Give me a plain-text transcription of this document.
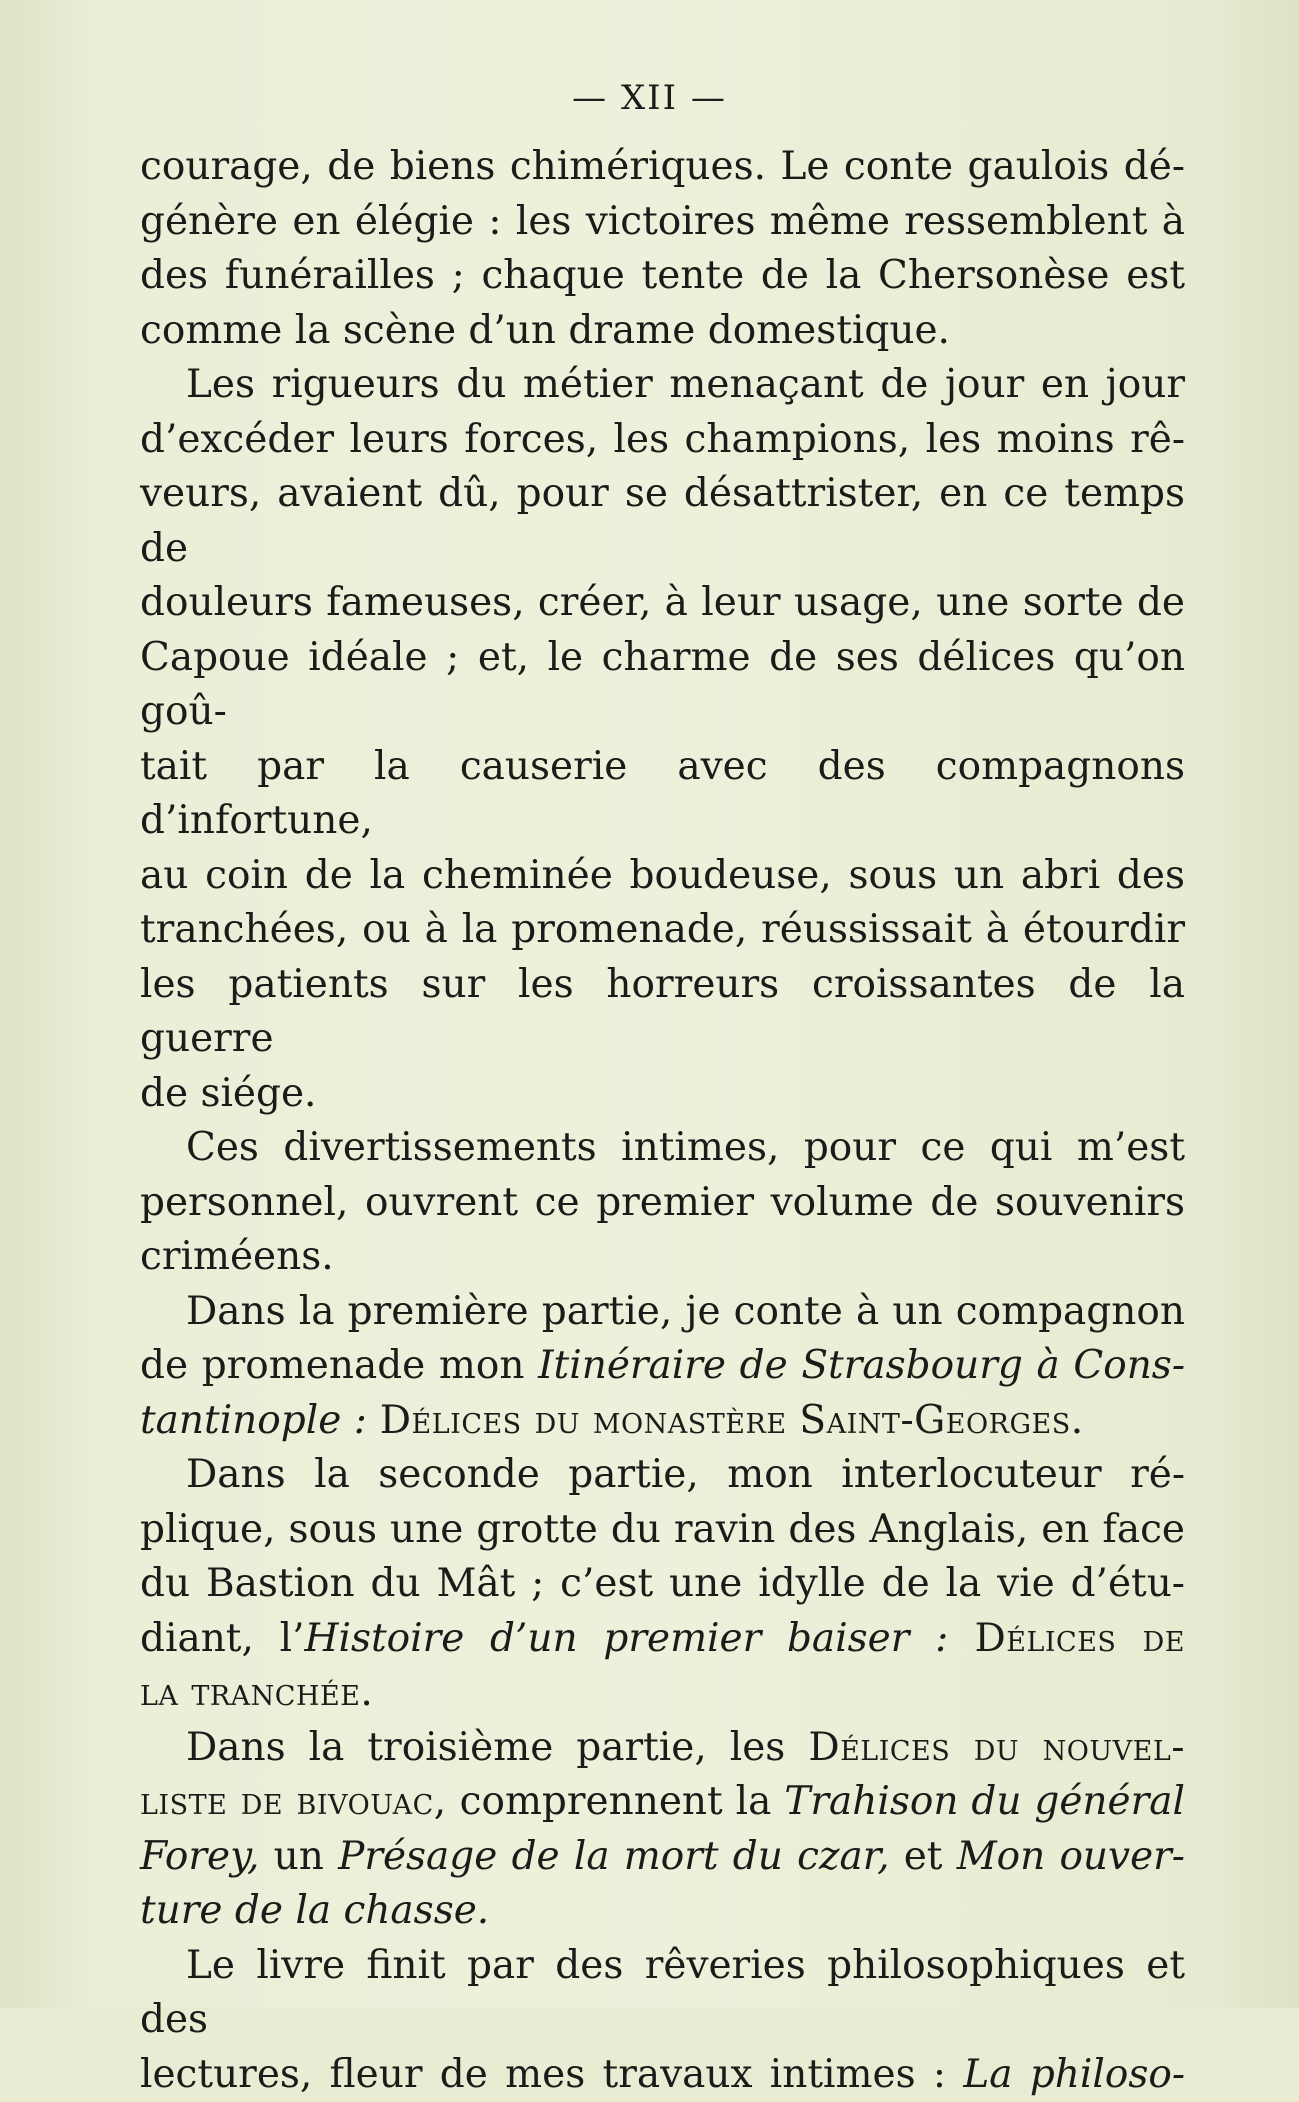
— XII —

courage, de biens chimériques. Le conte gaulois dé-
génère en élégie : les victoires même ressemblent à
des funérailles ; chaque tente de la Chersonèse est
comme la scène d’un drame domestique.

Les rigueurs du métier menaçant de jour en jour
d’excéder leurs forces, les champions, les moins rê-
veurs, avaient dû, pour se désattrister, en ce temps de
douleurs fameuses, créer, à leur usage, une sorte de
Capoue idéale ; et, le charme de ses délices qu’on goû-
tait par la causerie avec des compagnons d’infortune,
au coin de la cheminée boudeuse, sous un abri des
tranchées, ou à la promenade, réussissait à étourdir
les patients sur les horreurs croissantes de la guerre
de siége.

Ces divertissements intimes, pour ce qui m’est
personnel, ouvrent ce premier volume de souvenirs
criméens.

Dans la première partie, je conte à un compagnon
de promenade mon Itinéraire de Strasbourg à Cons-
tantinople : Délices du monastère Saint-Georges.

Dans la seconde partie, mon interlocuteur ré-
plique, sous une grotte du ravin des Anglais, en face
du Bastion du Mât ; c’est une idylle de la vie d’étu-
diant, l’Histoire d’un premier baiser : Délices de
la tranchée.

Dans la troisième partie, les Délices du nouvel-
liste de bivouac, comprennent la Trahison du général
Forey, un Présage de la mort du czar, et Mon ouver-
ture de la chasse.

Le livre finit par des rêveries philosophiques et des
lectures, fleur de mes travaux intimes : La philoso-
